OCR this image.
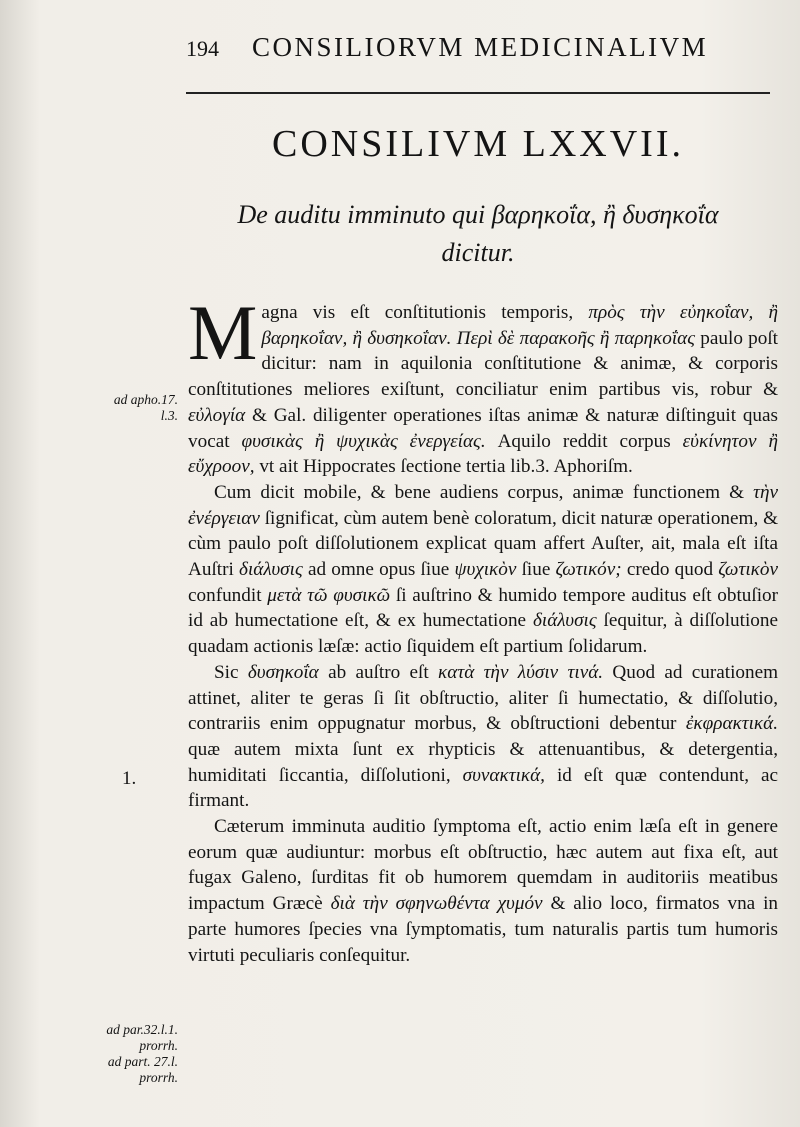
194 CONSILIORVM MEDICINALIVM
CONSILIVM LXXVII.
De auditu imminuto qui βαρηκοΐα, ἢ δυσηκοΐα
dicitur.
ad apho.17.
l.3.
1.
ad par.32.l.1.
prorrh.
ad part. 27.l.
prorrh.

M agna vis eſt conſtitutionis temporis, πρὸς τὴν εὐηκοΐαν, ἢ βαρηκοΐαν, ἢ δυσηκοΐαν. Περὶ δὲ παρακοῆς ἢ παρηκοΐας paulo poſt dicitur: nam in aquilonia conſtitutione & animæ, & corporis conſtitutiones meliores exiſtunt, conciliatur enim partibus vis, robur & εὐλογία & Gal. diligenter operationes iſtas animæ & naturæ diſtinguit quas vocat φυσικὰς ἢ ψυχικὰς ἐνεργείας. Aquilo reddit corpus εὐκίνητον ἢ εὔχροον, vt ait Hippocrates ſectione tertia lib.3. Aphoriſm.

Cum dicit mobile, & bene audiens corpus, animæ functionem & τὴν ἐνέργειαν ſignificat, cùm autem benè coloratum, dicit naturæ operationem, & cùm paulo poſt diſſolutionem explicat quam affert Auſter, ait, mala eſt iſta Auſtri διάλυσις ad omne opus ſiue ψυχικὸν ſiue ζωτικόν; credo quod ζωτικὸν confundit μετὰ τῶ φυσικῶ ſi auſtrino & humido tempore auditus eſt obtuſior id ab humectatione eſt, & ex humectatione διάλυσις ſequitur, à diſſolutione quadam actionis læſæ: actio ſiquidem eſt partium ſolidarum.

Sic δυσηκοΐα ab auſtro eſt κατὰ τὴν λύσιν τινά. Quod ad curationem attinet, aliter te geras ſi ſit obſtructio, aliter ſi humectatio, & diſſolutio, contrariis enim oppugnatur morbus, & obſtructioni debentur ἐκφρακτικά. quæ autem mixta ſunt ex rhypticis & attenuantibus, & detergentia, humiditati ſiccantia, diſſolutioni, συνακτικά, id eſt quæ contendunt, ac firmant.

Cæterum imminuta auditio ſymptoma eſt, actio enim læſa eſt in genere eorum quæ audiuntur: morbus eſt obſtructio, hæc autem aut fixa eſt, aut fugax Galeno, ſurditas fit ob humorem quemdam in auditoriis meatibus impactum Græcè διὰ τὴν σφηνωθέντα χυμόν & alio loco, firmatos vna in parte humores ſpecies vna ſymptomatis, tum naturalis partis tum humoris virtuti peculiaris conſequitur.
